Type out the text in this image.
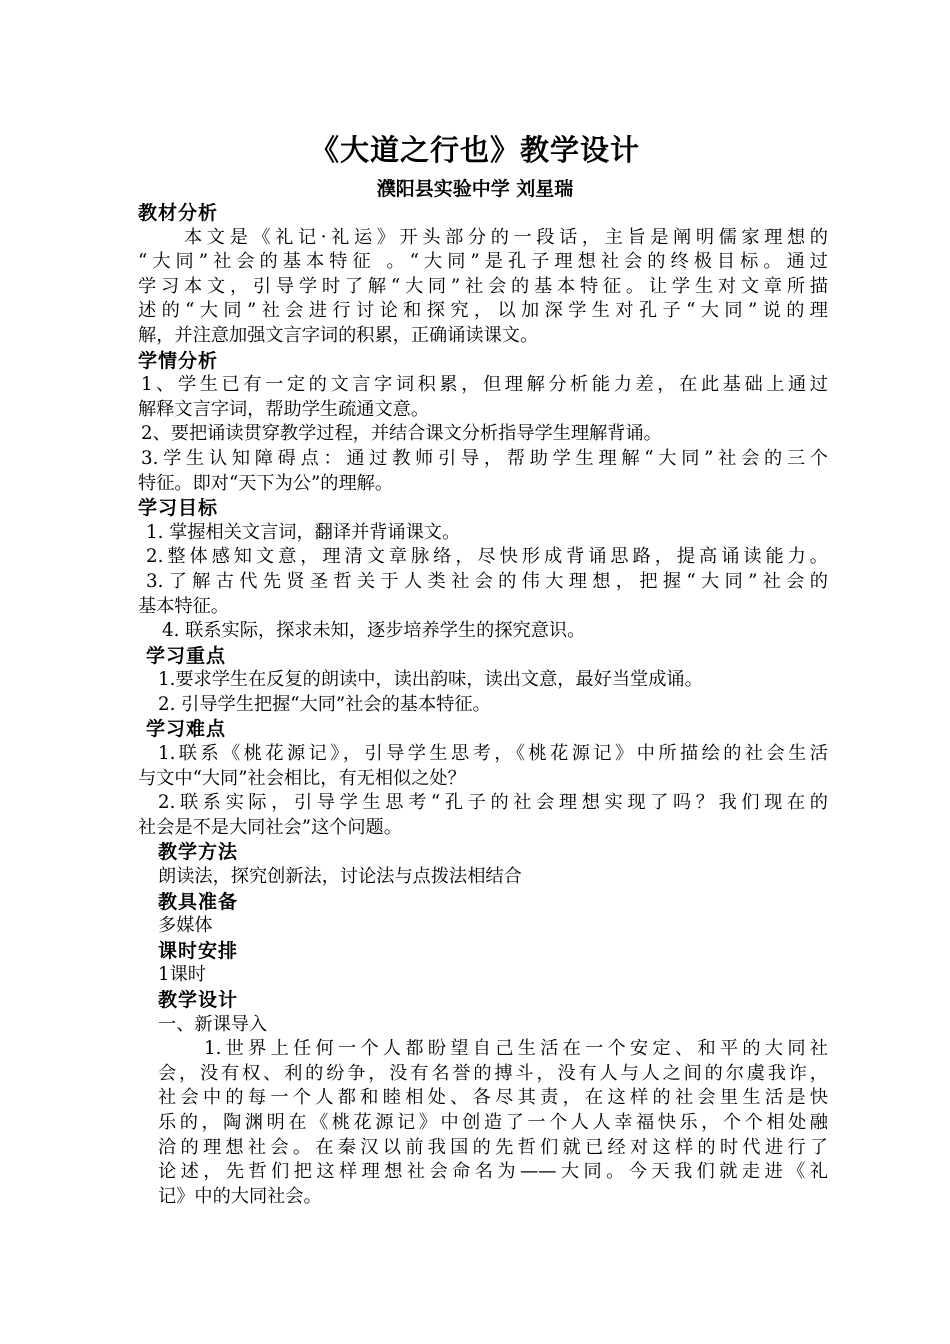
《大道之行也》教学设计
濮阳县实验中学 刘星瑞
教材分析
本文是《礼记·礼运》开头部分的一段话，主旨是阐明儒家理想的
“大同”社会的基本特征 。“大同”是孔子理想社会的终极目标。通过
学习本文，引导学时了解“大同”社会的基本特征。让学生对文章所描
述的“大同”社会进行讨论和探究，以加深学生对孔子“大同”说的理
解，并注意加强文言字词的积累，正确诵读课文。
学情分析
1、学生已有一定的文言字词积累，但理解分析能力差，在此基础上通过
解释文言字词，帮助学生疏通文意。
2、要把诵读贯穿教学过程，并结合课文分析指导学生理解背诵。
3.学生认知障碍点：通过教师引导，帮助学生理解“大同”社会的三个
特征。即对“天下为公”的理解。
学习目标
1. 掌握相关文言词，翻译并背诵课文。
2.整体感知文意，理清文章脉络，尽快形成背诵思路，提高诵读能力。
3.了解古代先贤圣哲关于人类社会的伟大理想，把握“大同”社会的
基本特征。
4. 联系实际，探求未知，逐步培养学生的探究意识。
学习重点
1.要求学生在反复的朗读中，读出韵味，读出文意，最好当堂成诵。
2. 引导学生把握“大同”社会的基本特征。
学习难点
1.联系《桃花源记》，引导学生思考，《桃花源记》中所描绘的社会生活
与文中“大同”社会相比，有无相似之处？
2.联系实际，引导学生思考“孔子的社会理想实现了吗？我们现在的
社会是不是大同社会”这个问题。
教学方法
朗读法，探究创新法，讨论法与点拨法相结合
教具准备
多媒体
课时安排
1课时
教学设计
一、新课导入
1.世界上任何一个人都盼望自己生活在一个安定、和平的大同社
会，没有权、利的纷争，没有名誉的搏斗，没有人与人之间的尔虞我诈，
社会中的每一个人都和睦相处、各尽其责，在这样的社会里生活是快
乐的，陶渊明在《桃花源记》中创造了一个人人幸福快乐，个个相处融
洽的理想社会。在秦汉以前我国的先哲们就已经对这样的时代进行了
论述，先哲们把这样理想社会命名为——大同。今天我们就走进《礼
记》中的大同社会。
